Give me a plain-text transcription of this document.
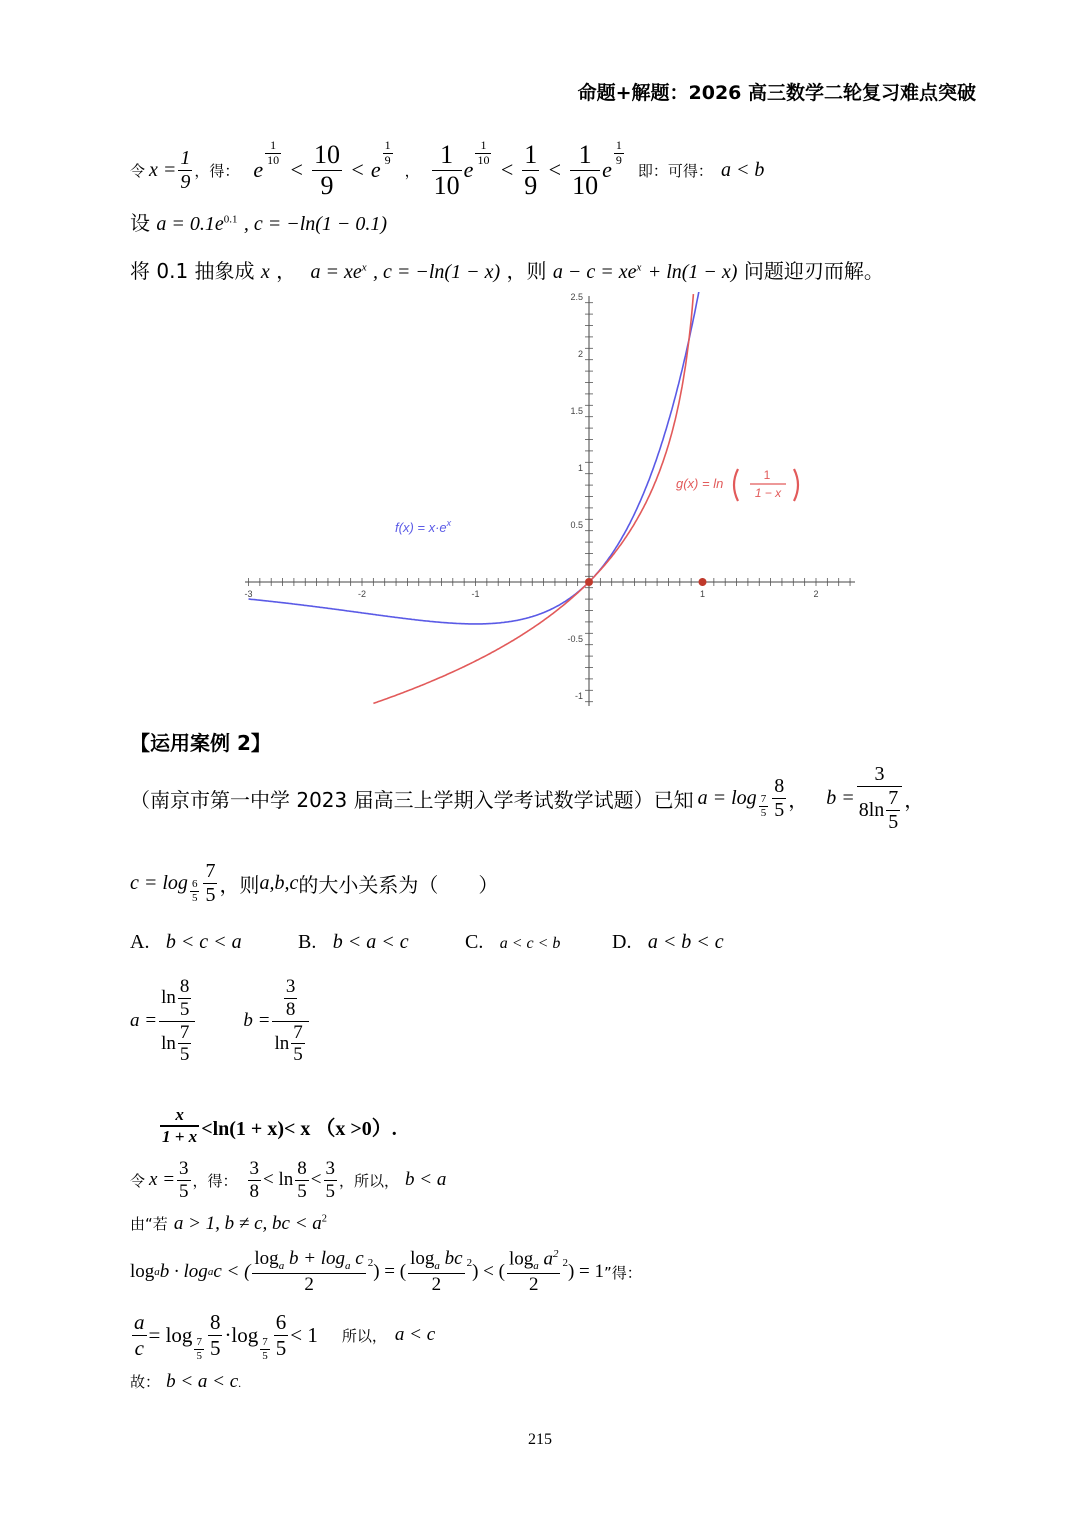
命题+解题：2026 高三数学二轮复习难点突破
令 $x = \frac{1}{9}$ ，得： e
$\frac{1}{10}$
< $\frac{10}{9} < e$
$\frac{1}{9}$
， $\frac{1}{10}$ e
$\frac{1}{10}$
< $\frac{1}{9} < \frac{1}{10}$ e
$\frac{1}{9}$
即：可得： a < b
设 $a = 0.1e^{0.1}$ , c = −ln(1 − 0.1)
将 0.1 抽象成 x ， $a = xe^x$ , c = −ln(1 − x) ，则 $a - c = xe^x + \ln(1 - x)$ 问题迎刃而解。
-3	-2	-1	1	2
2.5
2
1.5
1
0.5
-0.5
-1
$f(x) = x\cdot e^x$
g(x) = ln
1
1 − x
【运用案例 2】
（南京市第一中学 2023 届高三上学期入学考试数学试题）已知 $a = \log \frac{7}{5} \frac{8}{5}$ ， $b = \frac{3}{8\ln \frac{7}{5}}$ ，
$c = \log \frac{6}{5} \frac{7}{5}$ ，则 a,b,c 的大小关系为（　　）
A. b < c < a	B. b < a < c	C. a < c < b	D. a < b < c
$a = \frac{\ln \frac{8}{5}}{\ln \frac{7}{5}}$	$b = \frac{\frac{3}{8}}{\ln \frac{7}{5}}$
$\frac{x}{1 + x} <\ln(1 + x)< x$ （x >0）.
令 $x = \frac{3}{5}$ ，得： $\frac{3}{8} < \ln \frac{8}{5} < \frac{3}{5}$ ，所以， b < a
由“若 a > 1, b ≠ c, bc < $a^2$
log a b · log a c < ( $\frac{\log_a b + \log_a c}{2}^2$ ) = ( $\frac{\log_a bc}{2}^2$ ) < ( $\frac{\log_a a^2}{2}^2$ ) = 1 ”得：
$\frac{a}{c} = \log$
$\frac{7}{5} \frac{8}{5} \cdot\log$
$\frac{7}{5} \frac{6}{5} < 1$ 所以， a < c
故： b < a < c.
215
